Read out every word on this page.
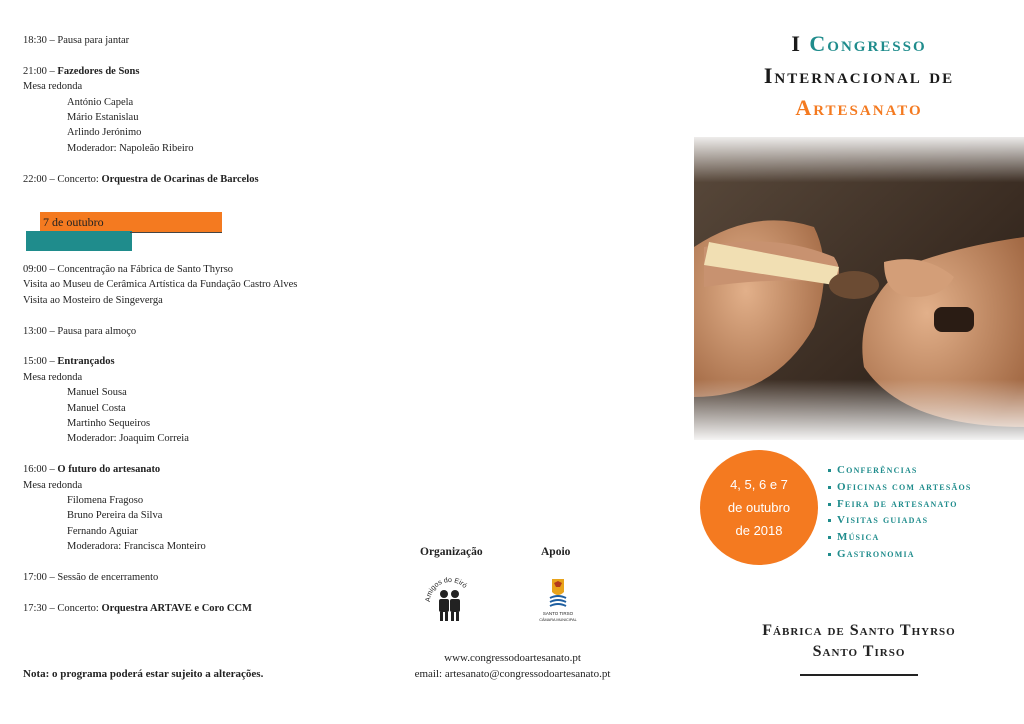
18:30 – Pausa para jantar
21:00 – Fazedores de Sons
Mesa redonda
António Capela
Mário Estanislau
Arlindo Jerónimo
Moderador: Napoleão Ribeiro
22:00 – Concerto: Orquestra de Ocarinas de Barcelos
7 de outubro
09:00 – Concentração na Fábrica de Santo Thyrso
Visita ao Museu de Cerâmica Artística da Fundação Castro Alves
Visita ao Mosteiro de Singeverga
13:00 – Pausa para almoço
15:00 – Entrançados
Mesa redonda
Manuel Sousa
Manuel Costa
Martinho Sequeiros
Moderador: Joaquim Correia
16:00 – O futuro do artesanato
Mesa redonda
Filomena Fragoso
Bruno Pereira da Silva
Fernando Aguiar
Moderadora: Francisca Monteiro
17:00 – Sessão de encerramento
17:30 – Concerto: Orquestra ARTAVE e Coro CCM
Nota: o programa poderá estar sujeito a alterações.
Organização	Apoio
Amigos do Eiró
SANTO TIRSO
CÂMARA MUNICIPAL
www.congressodoartesanato.pt
email: artesanato@congressodoartesanato.pt
I Congresso
Internacional de
Artesanato
4, 5, 6 e 7
de outubro
de 2018
Conferências
Oficinas com artesãos
Feira de artesanato
Visitas guiadas
Música
Gastronomia
Fábrica de Santo Thyrso
Santo Tirso
